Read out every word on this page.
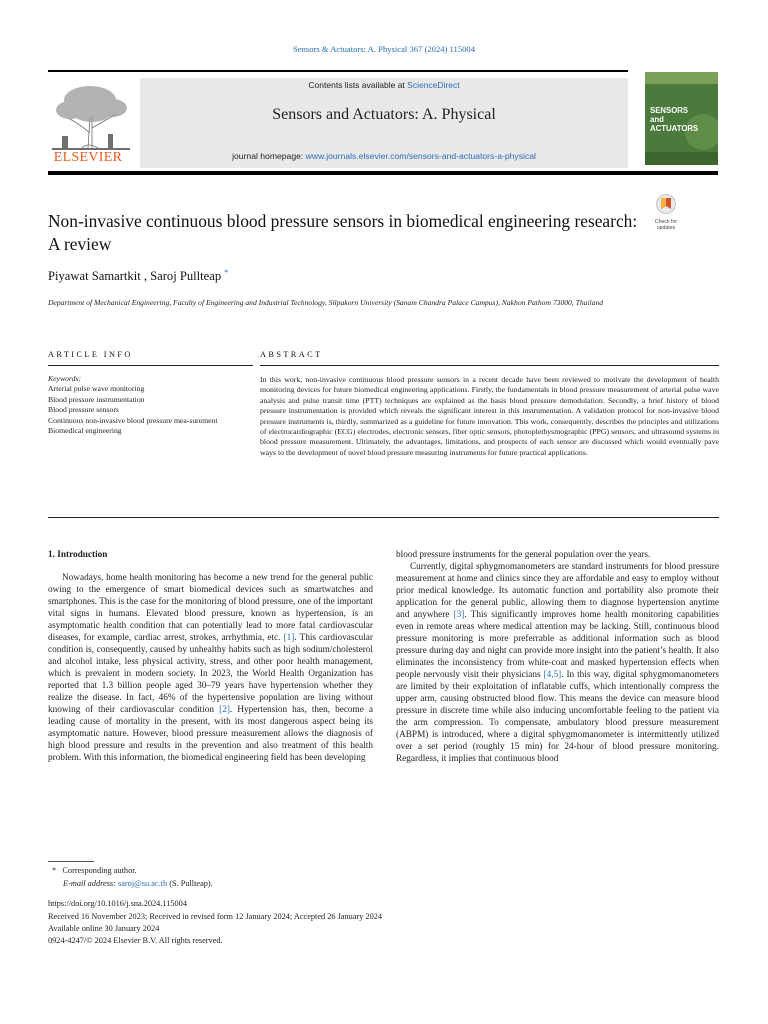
Sensors & Actuators: A. Physical 367 (2024) 115004
ELSEVIER
Contents lists available at ScienceDirect
Sensors and Actuators: A. Physical
journal homepage: www.journals.elsevier.com/sensors-and-actuators-a-physical
SENSORS
and
ACTUATORS
Non-invasive continuous blood pressure sensors in biomedical engineering research: A review
Check for
updates
Piyawat Samartkit , Saroj Pullteap *
Department of Mechanical Engineering, Faculty of Engineering and Industrial Technology, Silpakorn University (Sanam Chandra Palace Campus), Nakhon Pathom 73000, Thailand
ARTICLE INFO	ABSTRACT
Keywords:
Arterial pulse wave monitoring
Blood pressure instrumentation
Blood pressure sensors
Continuous non-invasive blood pressure mea-surement
Biomedical engineering
In this work, non-invasive continuous blood pressure sensors in a recent decade have been reviewed to motivate the development of health monitoring devices for future biomedical engineering applications. Firstly, the fundamentals in blood pressure measurement of arterial pulse wave analysis and pulse transit time (PTT) techniques are explained as the basis blood pressure demodulation. Secondly, a brief history of blood pressure instrumentation is provided which reveals the significant interest in this instrumentation. A validation protocol for non-invasive blood pressure instruments is, thirdly, summarized as a guideline for future innovation. This work, consequently, describes the principles and utilizations of electrocardiographic (ECG) electrodes, electronic sensors, fiber optic sensors, photoplethysmographic (PPG) sensors, and ultrasound systems in blood pressure measurement. Ultimately, the advantages, limitations, and prospects of each sensor are discussed which would eventually pave ways to the development of novel blood pressure measuring instruments for future practical applications.

1. Introduction

Nowadays, home health monitoring has become a new trend for the general public owing to the emergence of smart biomedical devices such as smartwatches and smartphones. This is the case for the monitoring of blood pressure, one of the important vital signs in humans. Elevated blood pressure, known as hypertension, is an asymptomatic health condition that can potentially lead to more fatal cardiovascular diseases, for example, cardiac arrest, strokes, arrhythmia, etc. [1]. This cardiovascular condition is, consequently, caused by unhealthy habits such as high sodium/cholesterol and alcohol intake, less physical activity, stress, and other poor health management, which is prevalent in modern society. In 2023, the World Health Organization has reported that 1.3 billion people aged 30–79 years have hypertension whether they realize the disease. In fact, 46% of the hypertensive population are living without knowing of their cardiovascular condition [2]. Hypertension has, then, become a leading cause of mortality in the present, with its most dangerous aspect being its asymptomatic nature. However, blood pressure measurement allows the diagnosis of high blood pressure and results in the prevention and also treatment of this health problem. With this information, the biomedical engineering field has been developing

blood pressure instruments for the general population over the years.

Currently, digital sphygmomanometers are standard instruments for blood pressure measurement at home and clinics since they are affordable and easy to employ without prior medical knowledge. Its automatic function and portability also promote their application for the general public, allowing them to diagnose hypertension anytime and anywhere [3]. This significantly improves home health monitoring capabilities even in remote areas where medical attention may be lacking. Still, continuous blood pressure monitoring is more preferrable as additional information such as blood pressure during day and night can provide more insight into the patient’s health. It also eliminates the inconsistency from white-coat and masked hypertension effects when people nervously visit their physicians [4,5]. In this way, digital sphygmomanometers are limited by their exploitation of inflatable cuffs, which intentionally compress the upper arm, causing obstructed blood flow. This means the device can measure blood pressure in discrete time while also inducing uncomfortable feeling to the patient via the arm compression. To compensate, ambulatory blood pressure measurement (ABPM) is introduced, where a digital sphygmomanometer is intermittently utilized over a set period (roughly 15 min) for 24-hour of blood pressure monitoring. Regardless, it implies that continuous blood

* Corresponding author.
E-mail address: saroj@su.ac.th (S. Pullteap).
https://doi.org/10.1016/j.sna.2024.115004
Received 16 November 2023; Received in revised form 12 January 2024; Accepted 26 January 2024
Available online 30 January 2024
0924-4247/© 2024 Elsevier B.V. All rights reserved.
